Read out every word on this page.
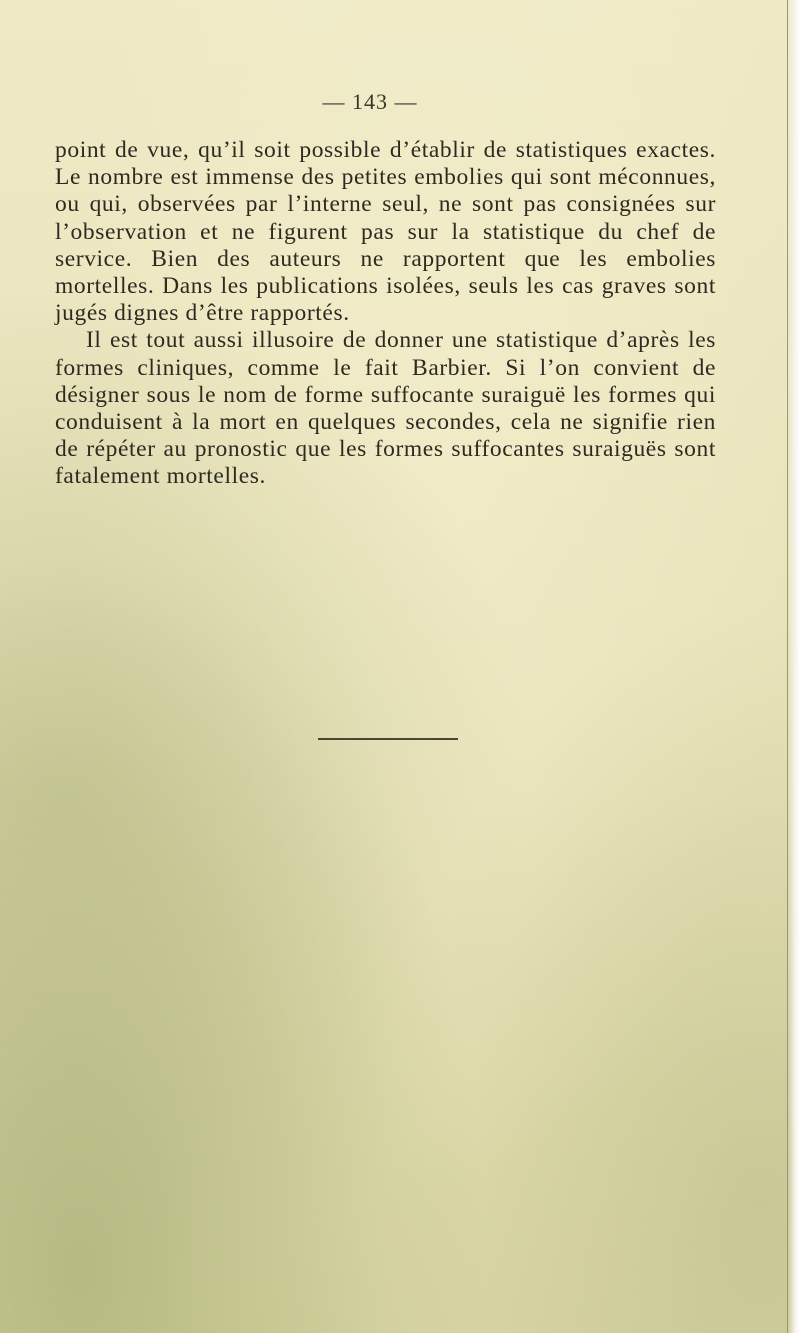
— 143 —

point de vue, qu’il soit possible d’établir de statistiques exactes. Le nombre est immense des petites embolies qui sont méconnues, ou qui, observées par l’interne seul, ne sont pas consignées sur l’observation et ne figurent pas sur la statistique du chef de service. Bien des auteurs ne rapportent que les embolies mortelles. Dans les publications isolées, seuls les cas graves sont jugés dignes d’être rapportés.

Il est tout aussi illusoire de donner une statistique d’après les formes cliniques, comme le fait Barbier. Si l’on convient de désigner sous le nom de forme suffocante suraiguë les formes qui conduisent à la mort en quelques secondes, cela ne signifie rien de répéter au pronostic que les formes suffocantes suraiguës sont fatalement mortelles.
